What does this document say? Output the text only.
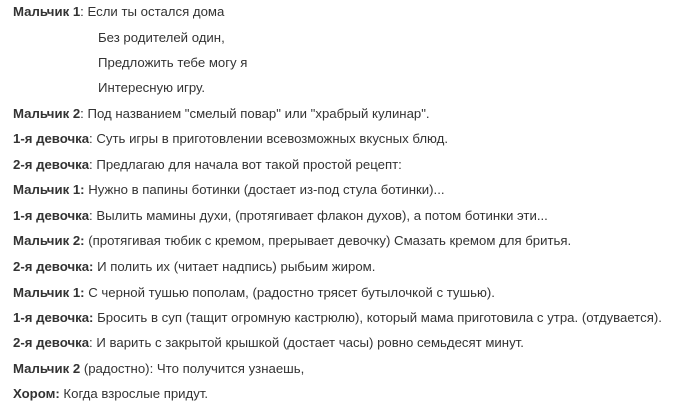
Мальчик 1: Если ты остался дома
Без родителей один,
Предложить тебе могу я
Интересную игру.
Мальчик 2: Под названием "смелый повар" или "храбрый кулинар".
1-я девочка: Суть игры в приготовлении всевозможных вкусных блюд.
2-я девочка: Предлагаю для начала вот такой простой рецепт:
Мальчик 1: Нужно в папины ботинки (достает из-под стула ботинки)...
1-я девочка: Вылить мамины духи, (протягивает флакон духов), а потом ботинки эти...
Мальчик 2: (протягивая тюбик с кремом, прерывает девочку) Смазать кремом для бритья.
2-я девочка: И полить их (читает надпись) рыбьим жиром.
Мальчик 1: С черной тушью пополам, (радостно трясет бутылочкой с тушью).
1-я девочка: Бросить в суп (тащит огромную кастрюлю), который мама приготовила с утра. (отдувается).
2-я девочка: И варить с закрытой крышкой (достает часы) ровно семьдесят минут.
Мальчик 2 (радостно): Что получится узнаешь,
Хором: Когда взрослые придут.
